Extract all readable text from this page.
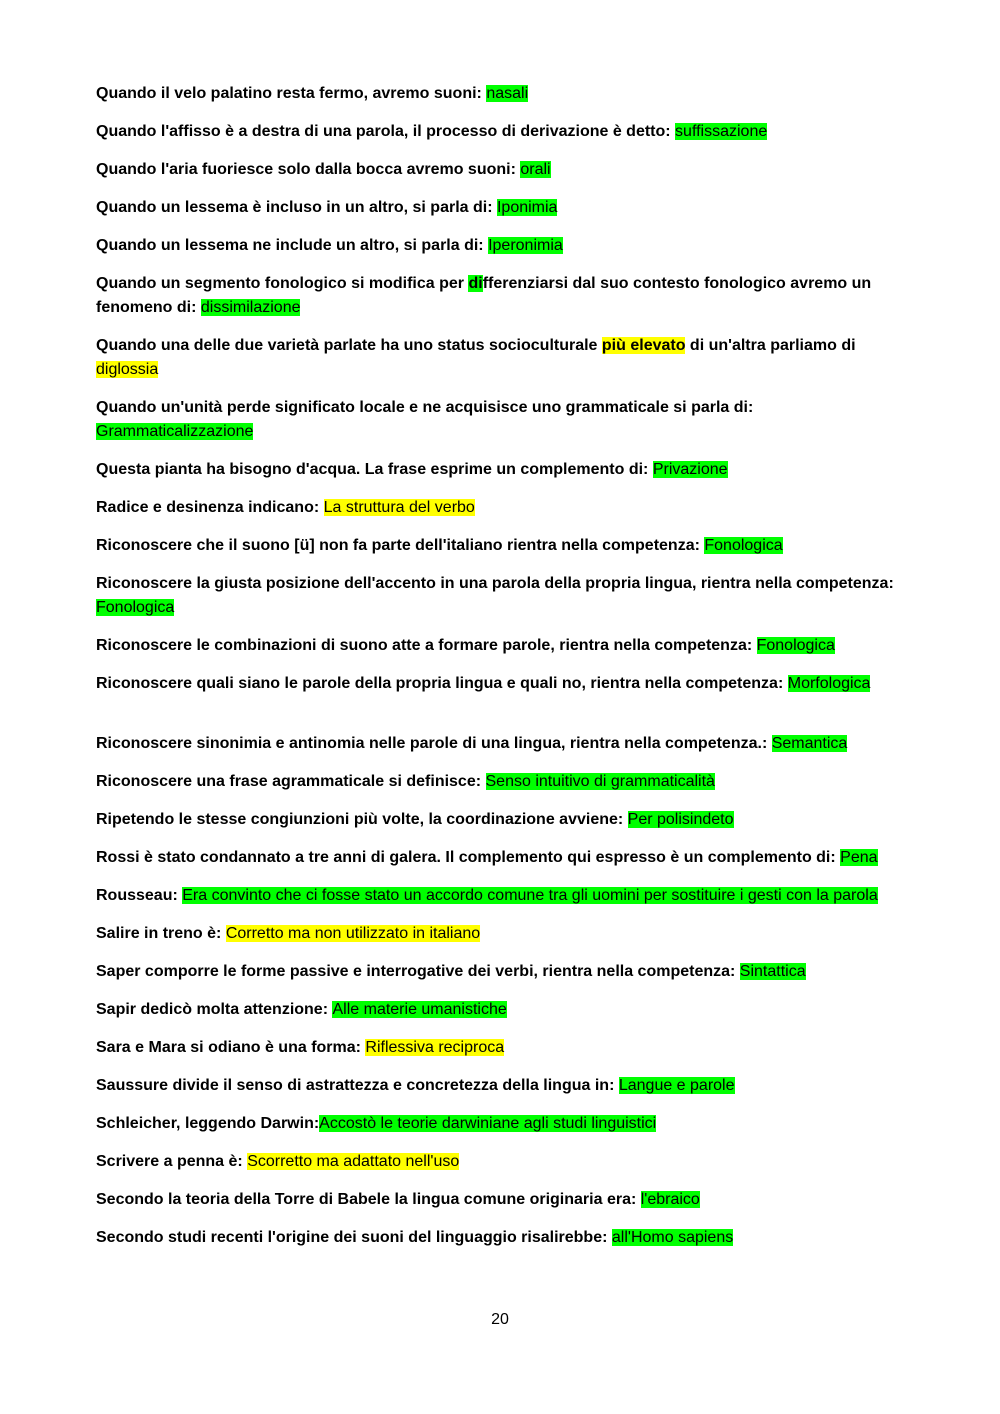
Quando il velo palatino resta fermo, avremo suoni: nasali

Quando l'affisso è a destra di una parola, il processo di derivazione è detto: suffissazione

Quando l'aria fuoriesce solo dalla bocca avremo suoni: orali

Quando un lessema è incluso in un altro, si parla di: Iponimia

Quando un lessema ne include un altro, si parla di: Iperonimia

Quando un segmento fonologico si modifica per differenziarsi dal suo contesto fonologico avremo un fenomeno di: dissimilazione

Quando una delle due varietà parlate ha uno status socioculturale più elevato di un'altra parliamo di diglossia

Quando un'unità perde significato locale e ne acquisisce uno grammaticale si parla di: Grammaticalizzazione

Questa pianta ha bisogno d'acqua. La frase esprime un complemento di: Privazione

Radice e desinenza indicano: La struttura del verbo

Riconoscere che il suono [ü] non fa parte dell'italiano rientra nella competenza: Fonologica

Riconoscere la giusta posizione dell'accento in una parola della propria lingua, rientra nella competenza: Fonologica

Riconoscere le combinazioni di suono atte a formare parole, rientra nella competenza: Fonologica

Riconoscere quali siano le parole della propria lingua e quali no, rientra nella competenza: Morfologica

Riconoscere sinonimia e antinomia nelle parole di una lingua, rientra nella competenza.: Semantica

Riconoscere una frase agrammaticale si definisce: Senso intuitivo di grammaticalità

Ripetendo le stesse congiunzioni più volte, la coordinazione avviene: Per polisindeto

Rossi è stato condannato a tre anni di galera. Il complemento qui espresso è un complemento di: Pena

Rousseau: Era convinto che ci fosse stato un accordo comune tra gli uomini per sostituire i gesti con la parola

Salire in treno è: Corretto ma non utilizzato in italiano

Saper comporre le forme passive e interrogative dei verbi, rientra nella competenza: Sintattica

Sapir dedicò molta attenzione: Alle materie umanistiche

Sara e Mara si odiano è una forma: Riflessiva reciproca

Saussure divide il senso di astrattezza e concretezza della lingua in: Langue e parole

Schleicher, leggendo Darwin:Accostò le teorie darwiniane agli studi linguistici

Scrivere a penna è: Scorretto ma adattato nell'uso

Secondo la teoria della Torre di Babele la lingua comune originaria era: l'ebraico

Secondo studi recenti l'origine dei suoni del linguaggio risalirebbe: all'Homo sapiens

20
